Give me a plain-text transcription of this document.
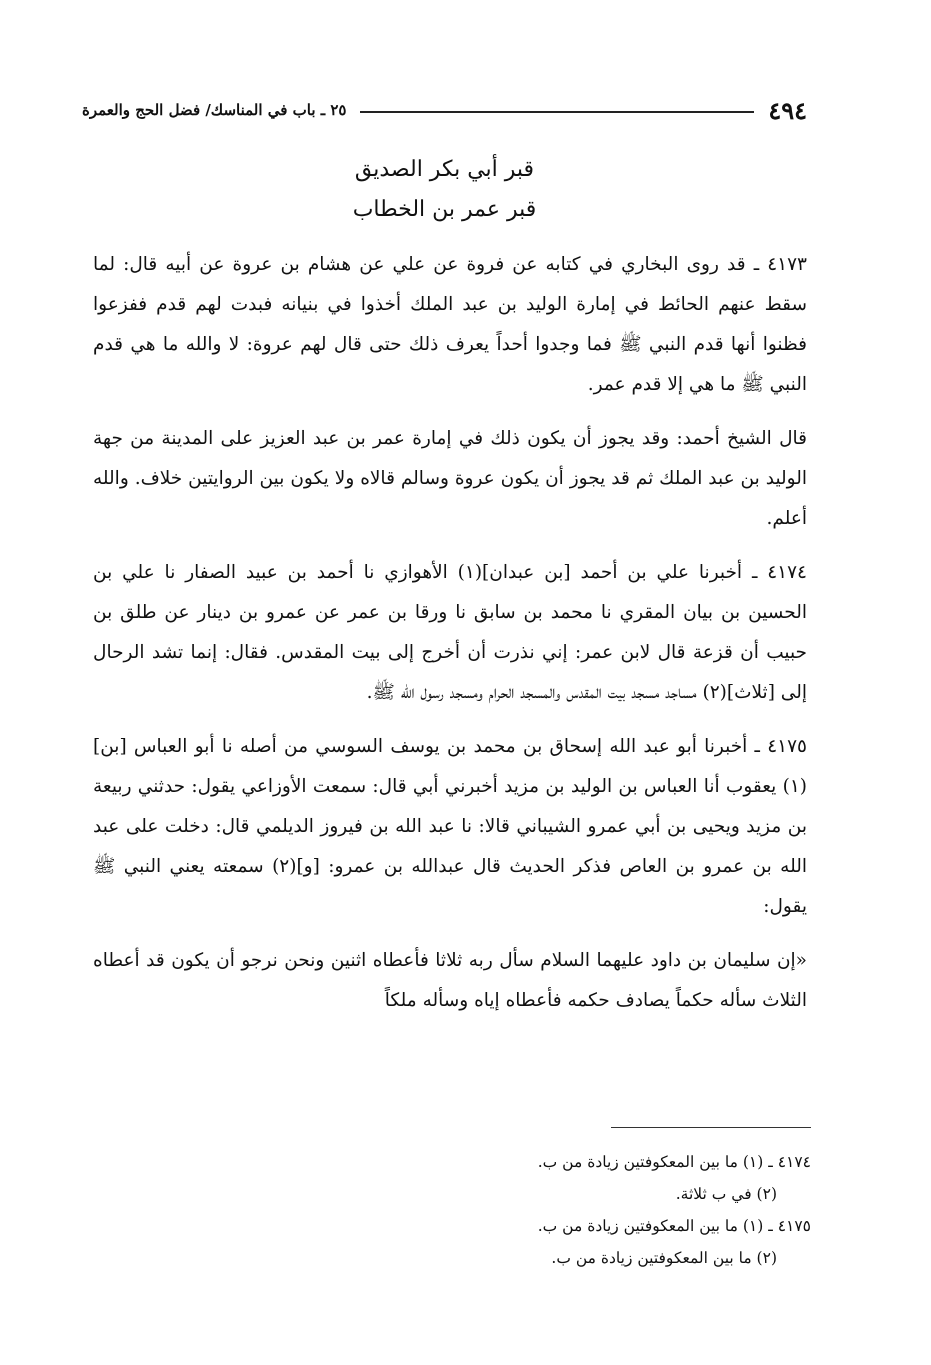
٤٩٤
٢٥ ـ باب في المناسك/ فضل الحج والعمرة
قبر أبي بكر الصديق
قبر عمر بن الخطاب

٤١٧٣ ـ قد روى البخاري في كتابه عن فروة عن علي عن هشام بن عروة عن أبيه قال: لما سقط عنهم الحائط في إمارة الوليد بن عبد الملك أخذوا في بنيانه فبدت لهم قدم ففزعوا فظنوا أنها قدم النبي ﷺ فما وجدوا أحداً يعرف ذلك حتى قال لهم عروة: لا والله ما هي قدم النبي ﷺ ما هي إلا قدم عمر.

قال الشيخ أحمد: وقد يجوز أن يكون ذلك في إمارة عمر بن عبد العزيز على المدينة من جهة الوليد بن عبد الملك ثم قد يجوز أن يكون عروة وسالم قالاه ولا يكون بين الروايتين خلاف. والله أعلم.

٤١٧٤ ـ أخبرنا علي بن أحمد [بن عبدان](١) الأهوازي نا أحمد بن عبيد الصفار نا علي بن الحسين بن بيان المقري نا محمد بن سابق نا ورقا بن عمر عن عمرو بن دينار عن طلق بن حبيب أن قزعة قال لابن عمر: إني نذرت أن أخرج إلى بيت المقدس. فقال: إنما تشد الرحال إلى [ثلاث](٢) مساجد مسجد بيت المقدس والمسجد الحرام ومسجد رسول الله ﷺ.

٤١٧٥ ـ أخبرنا أبو عبد الله إسحاق بن محمد بن يوسف السوسي من أصله نا أبو العباس [بن](١) يعقوب أنا العباس بن الوليد بن مزيد أخبرني أبي قال: سمعت الأوزاعي يقول: حدثني ربيعة بن مزيد ويحيى بن أبي عمرو الشيباني قالا: نا عبد الله بن فيروز الديلمي قال: دخلت على عبد الله بن عمرو بن العاص فذكر الحديث قال عبدالله بن عمرو: [و](٢) سمعته يعني النبي ﷺ يقول:

«إن سليمان بن داود عليهما السلام سأل ربه ثلاثا فأعطاه اثنين ونحن نرجو أن يكون قد أعطاه الثلاث سأله حكماً يصادف حكمه فأعطاه إياه وسأله ملكاً

٤١٧٤ ـ (١) ما بين المعكوفتين زيادة من ب.
(٢) في ب ثلاثة.
٤١٧٥ ـ (١) ما بين المعكوفتين زيادة من ب.
(٢) ما بين المعكوفتين زيادة من ب.
